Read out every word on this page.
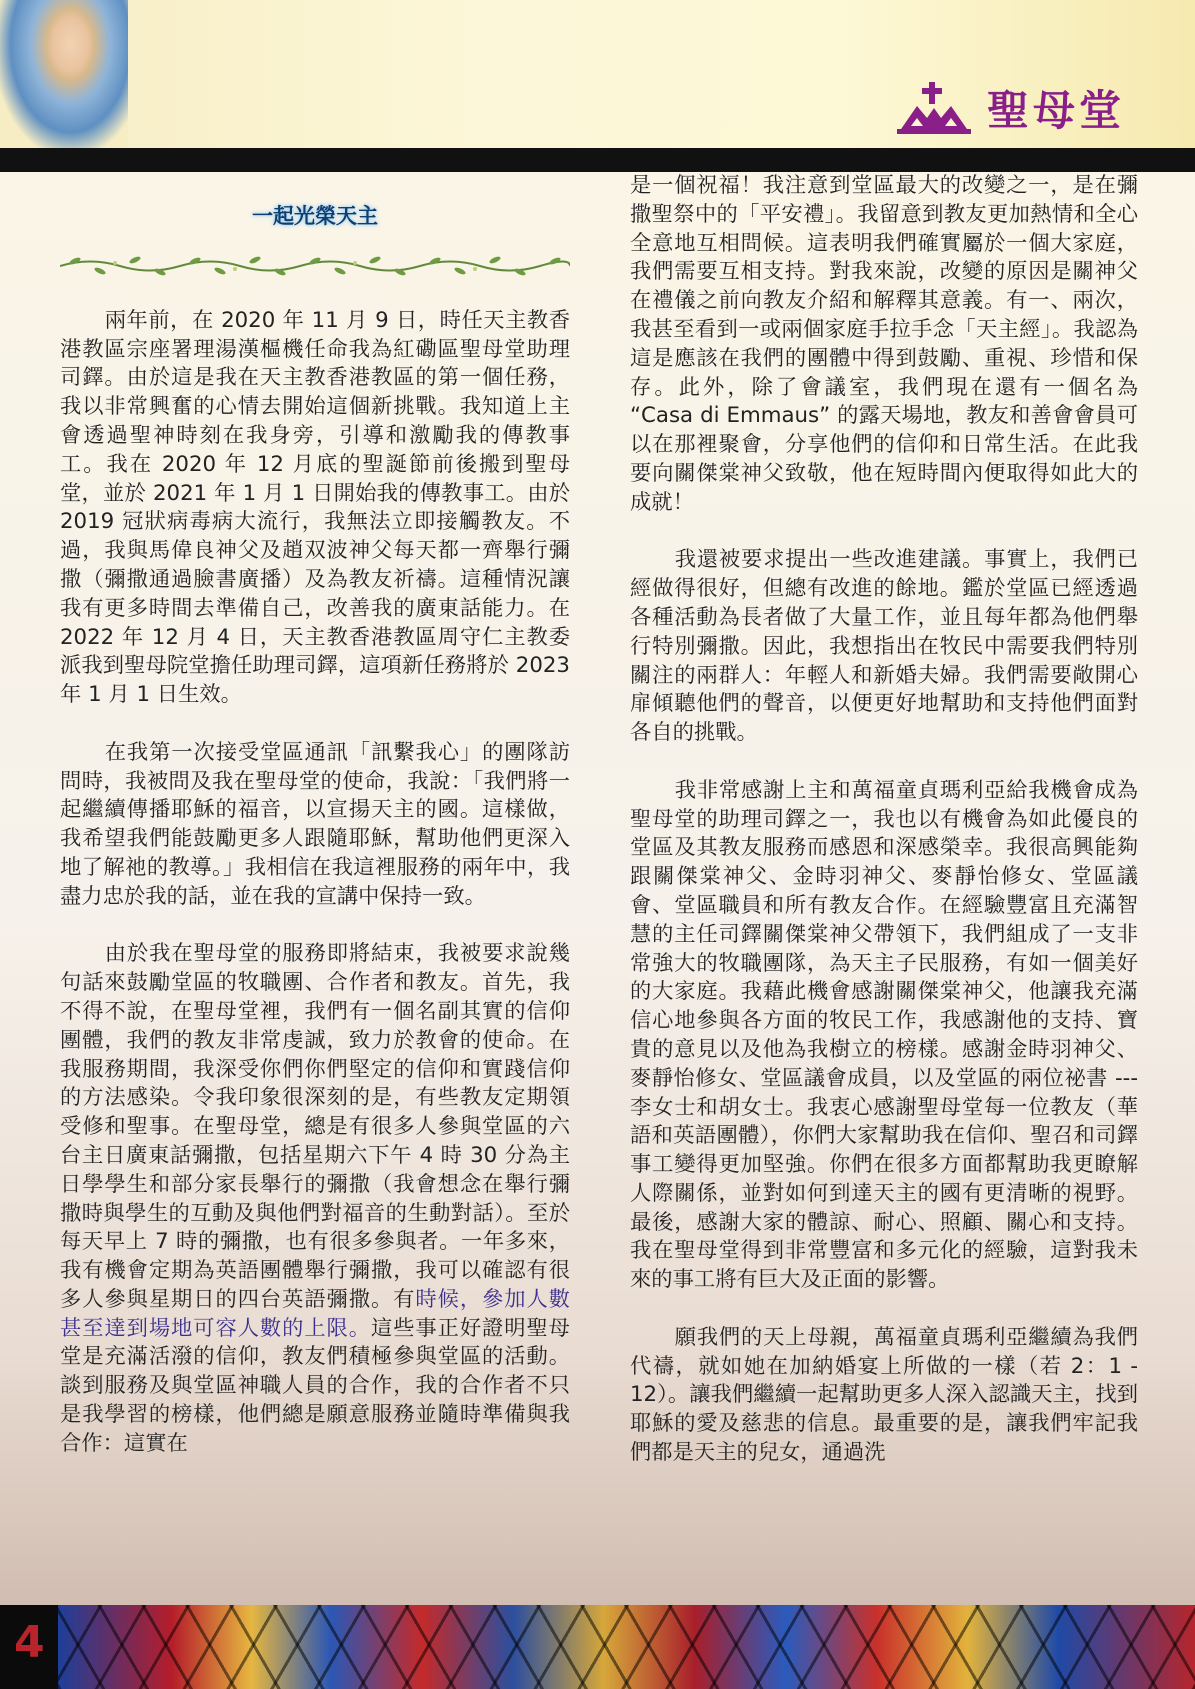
聖母堂
一起光榮天主

兩年前，在 2020 年 11 月 9 日，時任天主教香港教區宗座署理湯漢樞機任命我為紅磡區聖母堂助理司鐸。由於這是我在天主教香港教區的第一個任務，我以非常興奮的心情去開始這個新挑戰。我知道上主會透過聖神時刻在我身旁，引導和激勵我的傳教事工。我在 2020 年 12 月底的聖誕節前後搬到聖母堂，並於 2021 年 1 月 1 日開始我的傳教事工。由於 2019 冠狀病毒病大流行，我無法立即接觸教友。不過，我與馬偉良神父及趙双波神父每天都一齊舉行彌撒（彌撒通過臉書廣播）及為教友祈禱。這種情況讓我有更多時間去準備自己，改善我的廣東話能力。在 2022 年 12 月 4 日，天主教香港教區周守仁主教委派我到聖母院堂擔任助理司鐸，這項新任務將於 2023 年 1 月 1 日生效。

在我第一次接受堂區通訊「訊繫我心」的團隊訪問時，我被問及我在聖母堂的使命，我說：「我們將一起繼續傳播耶穌的福音，以宣揚天主的國。這樣做，我希望我們能鼓勵更多人跟隨耶穌，幫助他們更深入地了解祂的教導。」我相信在我這裡服務的兩年中，我盡力忠於我的話，並在我的宣講中保持一致。

由於我在聖母堂的服務即將結束，我被要求說幾句話來鼓勵堂區的牧職團、合作者和教友。首先，我不得不說，在聖母堂裡，我們有一個名副其實的信仰團體，我們的教友非常虔誠，致力於教會的使命。在我服務期間，我深受你們你們堅定的信仰和實踐信仰的方法感染。令我印象很深刻的是，有些教友定期領受修和聖事。在聖母堂，總是有很多人參與堂區的六台主日廣東話彌撒，包括星期六下午 4 時 30 分為主日學學生和部分家長舉行的彌撒（我會想念在舉行彌撒時與學生的互動及與他們對福音的生動對話）。至於每天早上 7 時的彌撒，也有很多參與者。一年多來，我有機會定期為英語團體舉行彌撒，我可以確認有很多人參與星期日的四台英語彌撒。有時候，參加人數甚至達到場地可容人數的上限。這些事正好證明聖母堂是充滿活潑的信仰，教友們積極參與堂區的活動。談到服務及與堂區神職人員的合作，我的合作者不只是我學習的榜樣，他們總是願意服務並隨時準備與我合作：這實在

是一個祝福！我注意到堂區最大的改變之一，是在彌撒聖祭中的「平安禮」。我留意到教友更加熱情和全心全意地互相問候。這表明我們確實屬於一個大家庭，我們需要互相支持。對我來說，改變的原因是關神父在禮儀之前向教友介紹和解釋其意義。有一、兩次，我甚至看到一或兩個家庭手拉手念「天主經」。我認為這是應該在我們的團體中得到鼓勵、重視、珍惜和保存。此外，除了會議室，我們現在還有一個名為 “Casa di Emmaus” 的露天場地，教友和善會會員可以在那裡聚會，分享他們的信仰和日常生活。在此我要向關傑棠神父致敬，他在短時間內便取得如此大的成就！

我還被要求提出一些改進建議。事實上，我們已經做得很好，但總有改進的餘地。鑑於堂區已經透過各種活動為長者做了大量工作，並且每年都為他們舉行特別彌撒。因此，我想指出在牧民中需要我們特別關注的兩群人：年輕人和新婚夫婦。我們需要敞開心扉傾聽他們的聲音，以便更好地幫助和支持他們面對各自的挑戰。

我非常感謝上主和萬福童貞瑪利亞給我機會成為聖母堂的助理司鐸之一，我也以有機會為如此優良的堂區及其教友服務而感恩和深感榮幸。我很高興能夠跟關傑棠神父、金時羽神父、麥靜怡修女、堂區議會、堂區職員和所有教友合作。在經驗豐富且充滿智慧的主任司鐸關傑棠神父帶領下，我們組成了一支非常強大的牧職團隊，為天主子民服務，有如一個美好的大家庭。我藉此機會感謝關傑棠神父，他讓我充滿信心地參與各方面的牧民工作，我感謝他的支持、寶貴的意見以及他為我樹立的榜樣。感謝金時羽神父、麥靜怡修女、堂區議會成員，以及堂區的兩位祕書 --- 李女士和胡女士。我衷心感謝聖母堂每一位教友（華語和英語團體），你們大家幫助我在信仰、聖召和司鐸事工變得更加堅強。你們在很多方面都幫助我更瞭解人際關係，並對如何到達天主的國有更清晰的視野。最後，感謝大家的體諒、耐心、照顧、關心和支持。我在聖母堂得到非常豐富和多元化的經驗，這對我未來的事工將有巨大及正面的影響。

願我們的天上母親，萬福童貞瑪利亞繼續為我們代禱，就如她在加納婚宴上所做的一樣（若 2：1 - 12）。讓我們繼續一起幫助更多人深入認識天主，找到耶穌的愛及慈悲的信息。最重要的是，讓我們牢記我們都是天主的兒女，通過洗

4
